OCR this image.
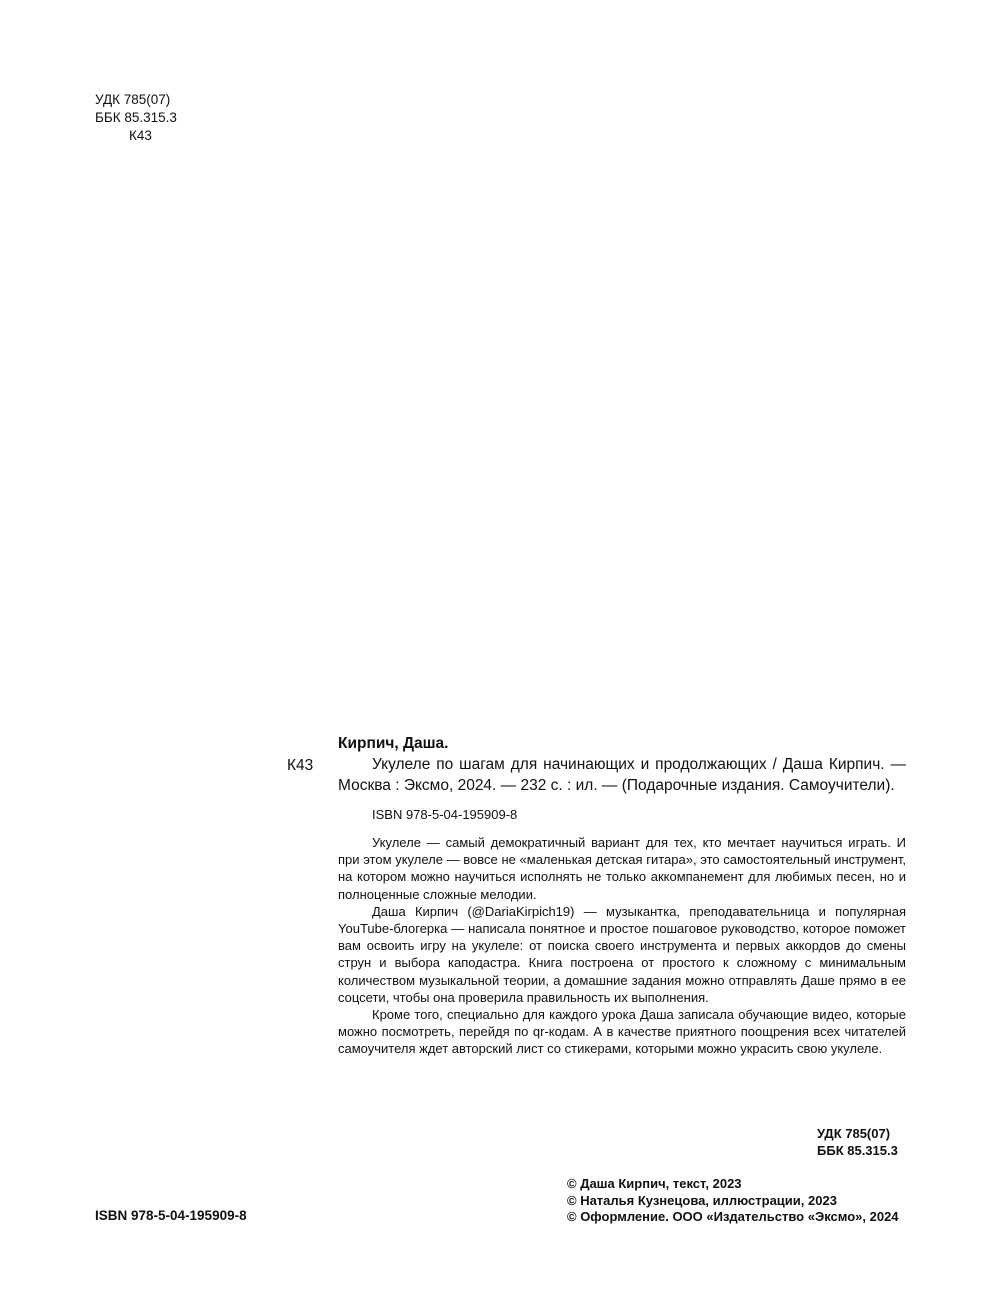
УДК 785(07)
ББК 85.315.3
К43
К43

Кирпич, Даша.

Укулеле по шагам для начинающих и продолжающих / Даша Кирпич. — Москва : Эксмо, 2024. — 232 с. : ил. — (Подарочные издания. Самоучители).

ISBN 978-5-04-195909-8

Укулеле — самый демократичный вариант для тех, кто мечтает научиться играть. И при этом укулеле — вовсе не «маленькая детская гитара», это самостоятельный инструмент, на котором можно научиться исполнять не только аккомпанемент для любимых песен, но и полноценные сложные мелодии.

Даша Кирпич (@DariaKirpich19) — музыкантка, преподавательница и популярная YouTube-блогерка — написала понятное и простое пошаговое руководство, которое поможет вам освоить игру на укулеле: от поиска своего инструмента и первых аккордов до смены струн и выбора каподастра. Книга построена от простого к сложному с минимальным количеством музыкальной теории, а домашние задания можно отправлять Даше прямо в ее соцсети, чтобы она проверила правильность их выполнения.

Кроме того, специально для каждого урока Даша записала обучающие видео, которые можно посмотреть, перейдя по qr-кодам. А в качестве приятного поощрения всех читателей самоучителя ждет авторский лист со стикерами, которыми можно украсить свою укулеле.

УДК 785(07)
ББК 85.315.3
© Даша Кирпич, текст, 2023
© Наталья Кузнецова, иллюстрации, 2023
© Оформление. ООО «Издательство «Эксмо», 2024
ISBN 978-5-04-195909-8
